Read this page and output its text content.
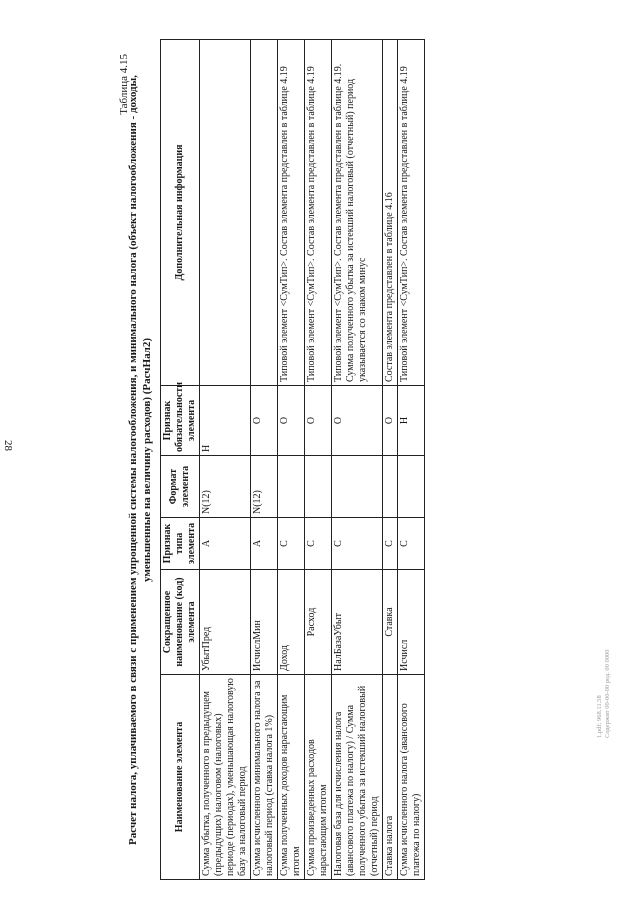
28
1.pdf; 968.11.58 Содержит 00-00-00 ред. 00 0000
Таблица 4.15
Расчет налога, уплачиваемого в связи с применением упрощенной системы налогообложения, и минимального налога (объект налогообложения - доходы, уменьшенные на величину расходов) (РасчНал2)
Наименование элемента	Сокращенное наименование (код) элемента	Признак типа элемента	Формат элемента	Признак обязательности элемента	Дополнительная информация
Сумма убытка, полученного в предыдущем (предыдущих) налоговом (налоговых) периоде (периодах), уменьшающая налоговую базу за налоговый период	УбытПред	А	N(12)	Н	
Сумма исчисленного минимального налога за налоговый период (ставка налога 1%)	ИсчислМин	А	N(12)	О	
Сумма полученных доходов нарастающим итогом	Доход	С		О	Типовой элемент <СумТип>. Состав элемента представлен в таблице 4.19
Сумма произведенных расходов нарастающим итогом	Расход	С		О	Типовой элемент <СумТип>. Состав элемента представлен в таблице 4.19
Налоговая база для исчисления налога (авансового платежа по налогу) / Сумма полученного убытка за истекший налоговый (отчетный) период	НалБазаУбыт	С		О	Типовой элемент <СумТип>. Состав элемента представлен в таблице 4.19. Сумма полученного убытка за истекший налоговый (отчетный) период указывается со знаком минус
Ставка налога	Ставка	С		О	Состав элемента представлен в таблице 4.16
Сумма исчисленного налога (авансового платежа по налогу)	Исчисл	С		Н	Типовой элемент <СумТип>. Состав элемента представлен в таблице 4.19
